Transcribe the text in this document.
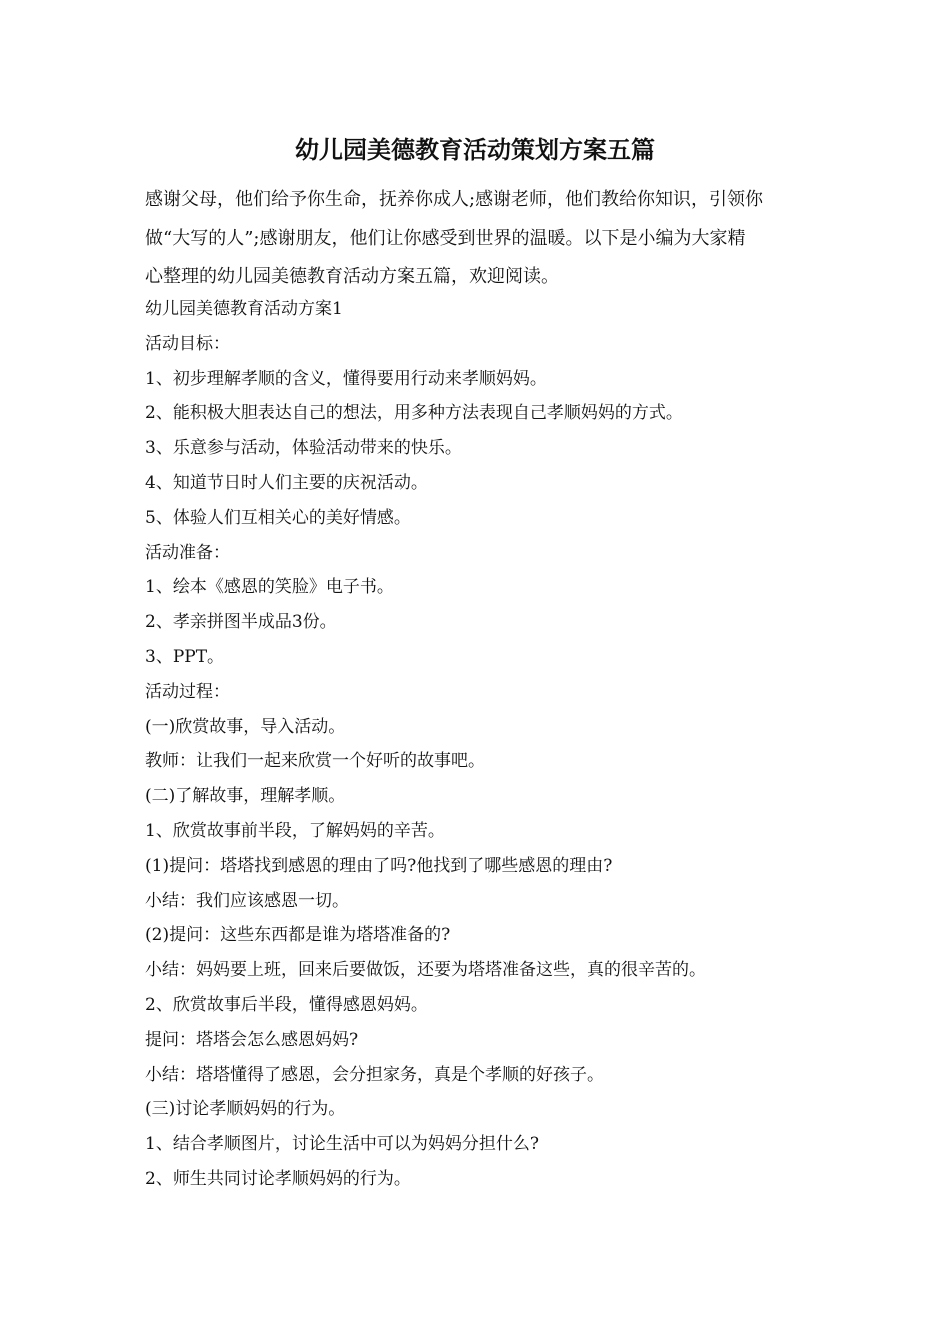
幼儿园美德教育活动策划方案五篇
感谢父母，他们给予你生命，抚养你成人;感谢老师，他们教给你知识，引领你
做“大写的人”;感谢朋友，他们让你感受到世界的温暖。以下是小编为大家精
心整理的幼儿园美德教育活动方案五篇，欢迎阅读。
幼儿园美德教育活动方案1
活动目标：
1、初步理解孝顺的含义，懂得要用行动来孝顺妈妈。
2、能积极大胆表达自己的想法，用多种方法表现自己孝顺妈妈的方式。
3、乐意参与活动，体验活动带来的快乐。
4、知道节日时人们主要的庆祝活动。
5、体验人们互相关心的美好情感。
活动准备：
1、绘本《感恩的笑脸》电子书。
2、孝亲拼图半成品3份。
3、PPT。
活动过程：
(一)欣赏故事，导入活动。
教师：让我们一起来欣赏一个好听的故事吧。
(二)了解故事，理解孝顺。
1、欣赏故事前半段，了解妈妈的辛苦。
(1)提问：塔塔找到感恩的理由了吗?他找到了哪些感恩的理由?
小结：我们应该感恩一切。
(2)提问：这些东西都是谁为塔塔准备的?
小结：妈妈要上班，回来后要做饭，还要为塔塔准备这些，真的很辛苦的。
2、欣赏故事后半段，懂得感恩妈妈。
提问：塔塔会怎么感恩妈妈?
小结：塔塔懂得了感恩，会分担家务，真是个孝顺的好孩子。
(三)讨论孝顺妈妈的行为。
1、结合孝顺图片，讨论生活中可以为妈妈分担什么?
2、师生共同讨论孝顺妈妈的行为。
